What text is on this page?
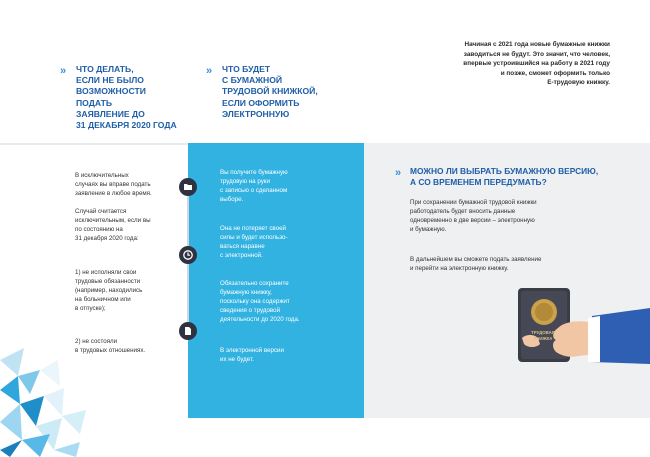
Начиная с 2021 года новые бумажные книжки
заводиться не будут. Это значит, что человек,
впервые устроившийся на работу в 2021 году
и позже, сможет оформить только
Е-трудовую книжку.
» ЧТО ДЕЛАТЬ,
ЕСЛИ НЕ БЫЛО
ВОЗМОЖНОСТИ
ПОДАТЬ
ЗАЯВЛЕНИЕ ДО
31 ДЕКАБРЯ 2020 ГОДА
» ЧТО БУДЕТ
С БУМАЖНОЙ
ТРУДОВОЙ КНИЖКОЙ,
ЕСЛИ ОФОРМИТЬ
ЭЛЕКТРОННУЮ
В исключительных
случаях вы вправе подать
заявление в любое время.
Случай считается
исключительным, если вы
по состоянию на
31 декабря 2020 года:
1) не исполняли свои
трудовые обязанности
(например, находились
на больничном или
в отпуске);
2) не состояли
в трудовых отношениях.
Вы получите бумажную
трудовую на руки
с записью о сделанном
выборе.
Она не потеряет своей
силы и будет использо-
ваться наравне
с электронной.
Обязательно сохраните
бумажную книжку,
поскольку она содержит
сведения о трудовой
деятельности до 2020 года.
В электронной версии
их не будет.
» МОЖНО ЛИ ВЫБРАТЬ БУМАЖНУЮ ВЕРСИЮ,
А СО ВРЕМЕНЕМ ПЕРЕДУМАТЬ?
При сохранении бумажной трудовой книжки
работодатель будет вносить данные
одновременно в две версии – электронную
и бумажную.
В дальнейшем вы сможете подать заявление
и перейти на электронную книжку.
ТРУДОВАЯ
КНИЖКА
